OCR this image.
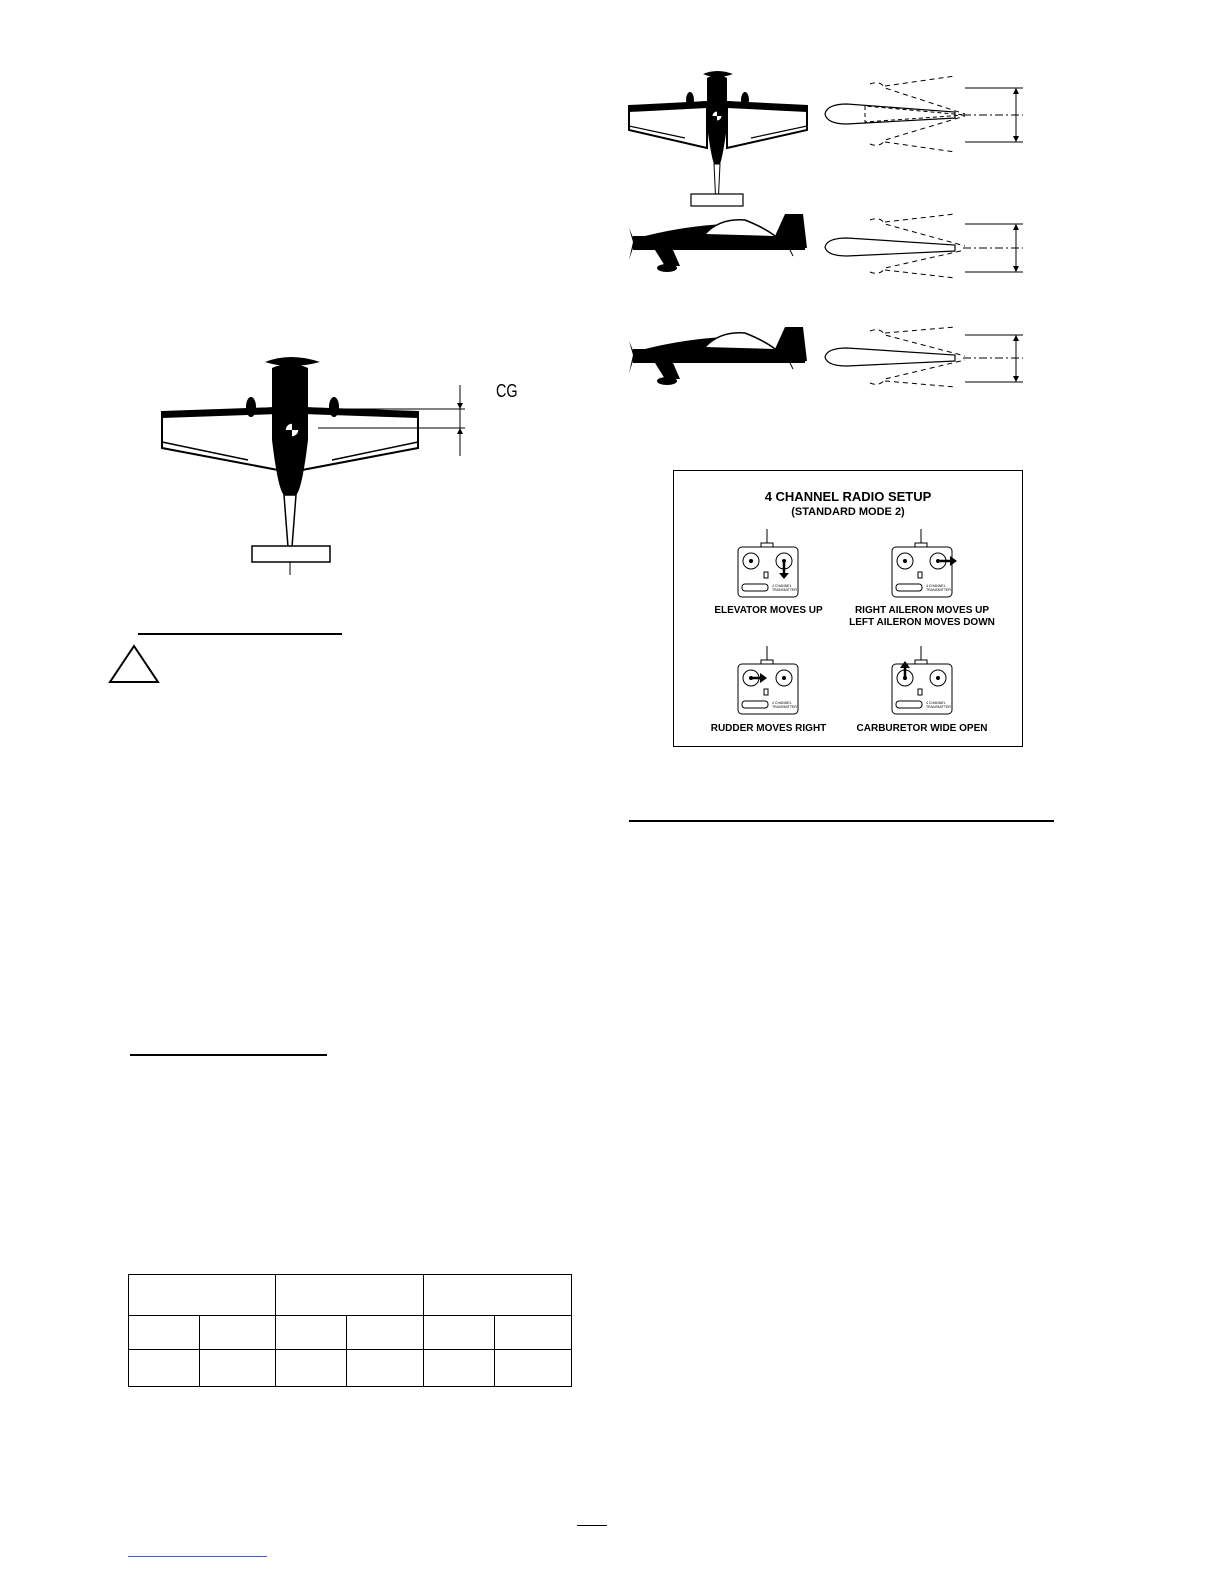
CG

4 CHANNEL RADIO SETUP
(STANDARD MODE 2)
4 CHANNEL
TRANSMITTER
ELEVATOR MOVES UP
4 CHANNEL
TRANSMITTER
RIGHT AILERON MOVES UP
LEFT AILERON MOVES DOWN
4 CHANNEL
TRANSMITTER
RUDDER MOVES RIGHT
4 CHANNEL
TRANSMITTER
CARBURETOR WIDE OPEN
